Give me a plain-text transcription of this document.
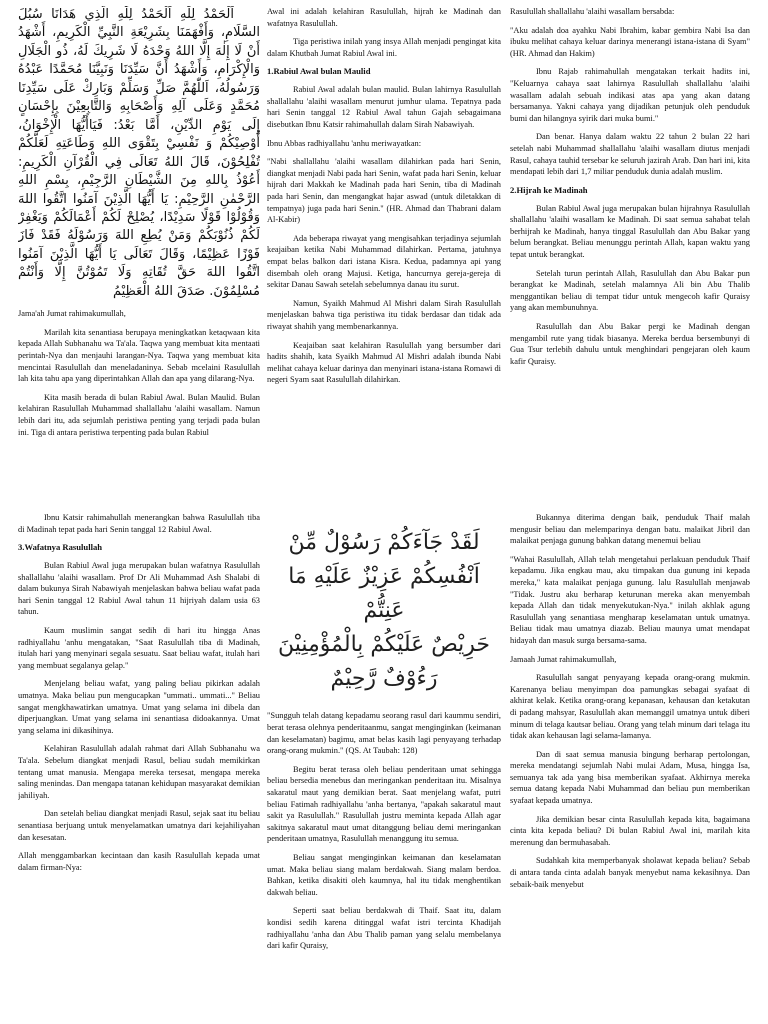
اَلْحَمْدُ لِلّٰهِ اَلْحَمْدُ لِلّٰهِ الَّذِي هَدَانَا سُبُلَ السَّلَامِ، وَأَفْهَمَنَا بِشَرِيْعَةِ النَّبِيِّ الْكَرِيمِ، أَشْهَدُ أَنْ لَا إِلٰهَ إِلَّا اللهُ وَحْدَهُ لَا شَرِيكَ لَهُ، ذُو الْجَلَالِ وَالْإِكْرَامِ، وَأَشْهَدُ أَنَّ سَيِّدَنَا وَنَبِيَّنَا مُحَمَّدًا عَبْدُهُ وَرَسُولُهُ، اَللّٰهُمَّ صَلِّ وَسَلِّمْ وَبَارِكْ عَلَى سَيِّدِنَا مُحَمَّدٍ وَعَلَى آلِهِ وَأَصْحَابِهِ وَالتَّابِعِيْنَ بِإِحْسَانٍ إِلَى يَوْمِ الدِّيْنِ، أَمَّا بَعْدُ: فَيَاأَيُّهَا الْإِخْوَانُ، أُوْصِيْكُمْ وَ نَفْسِيْ بِتَقْوَى اللهِ وَطَاعَتِهِ لَعَلَّكُمْ تُفْلِحُوْنَ، قَالَ اللهُ تَعَالَى فِي الْقُرْآنِ الْكَرِيمِ: أَعُوْذُ بِاللهِ مِنَ الشَّيْطَانِ الرَّجِيْمِ، بِسْمِ اللهِ الرَّحْمٰنِ الرَّحِيْمِ: يَا أَيُّهَا الَّذِيْنَ آمَنُوا اتَّقُوا اللهَ وَقُوْلُوْا قَوْلًا سَدِيْدًا، يُصْلِحْ لَكُمْ أَعْمَالَكُمْ وَيَغْفِرْ لَكُمْ ذُنُوْبَكُمْ وَمَنْ يُطِعِ اللهَ وَرَسُوْلَهُ فَقَدْ فَازَ فَوْزًا عَظِيْمًا، وَقَالَ تَعَالَى يَا أَيُّهَا الَّذِيْنَ آمَنُوا اتَّقُوا اللهَ حَقَّ تُقَاتِهِ وَلَا تَمُوْتُنَّ إِلَّا وَأَنْتُمْ مُسْلِمُوْنَ. صَدَقَ اللهُ الْعَظِيْمُ

Jama'ah Jumat rahimakumullah,

Marilah kita senantiasa berupaya meningkatkan ketaqwaan kita kepada Allah Subhanahu wa Ta'ala. Taqwa yang membuat kita mentaati perintah-Nya dan menjauhi larangan-Nya. Taqwa yang membuat kita mencintai Rasulullah dan meneladaninya. Sebab mcelaini Rasulullah lah kita tahu apa yang diperintahkan Allah dan apa yang dilarang-Nya.

Kita masih berada di bulan Rabiul Awal. Bulan Maulid. Bulan kelahiran Rasulullah Muhammad shallallahu 'alaihi wasallam. Namun lebih dari itu, ada sejumlah peristiwa penting yang terjadi pada bulan ini. Tiga di antara peristiwa terpenting pada bulan Rabiul

Awal ini adalah kelahiran Rasulullah, hijrah ke Madinah dan wafatnya Rasulullah.

Tiga peristiwa inilah yang insya Allah menjadi pengingat kita dalam Khutbah Jumat Rabiul Awal ini.

1.Rabiul Awal bulan Maulid

Rabiul Awal adalah bulan maulid. Bulan lahirnya Rasulullah shallallahu 'alaihi wasallam menurut jumhur ulama. Tepatnya pada hari Senin tanggal 12 Rabiul Awal tahun Gajah sebagaimana disebutkan Ibnu Katsir rahimahullah dalam Sirah Nabawiyah.

Ibnu Abbas radhiyallahu 'anhu meriwayatkan:

"Nabi shallallahu 'alaihi wasallam dilahirkan pada hari Senin, diangkat menjadi Nabi pada hari Senin, wafat pada hari Senin, keluar hijrah dari Makkah ke Madinah pada hari Senin, tiba di Madinah pada hari Senin, dan mengangkat hajar aswad (untuk diletakkan di tempatnya) juga pada hari Senin." (HR. Ahmad dan Thabrani dalam Al-Kabir)

Ada beberapa riwayat yang mengisahkan terjadinya sejumlah keajaiban ketika Nabi Muhammad dilahirkan. Pertama, jatuhnya empat belas balkon dari istana Kisra. Kedua, padamnya api yang disembah oleh orang Majusi. Ketiga, hancurnya gereja-gereja di sekitar Danau Sawah setelah sebelumnya danau itu surut.

Namun, Syaikh Mahmud Al Mishri dalam Sirah Rasulullah menjelaskan bahwa tiga peristiwa itu tidak berdasar dan tidak ada riwayat shahih yang membenarkannya.

Keajaiban saat kelahiran Rasulullah yang bersumber dari hadits shahih, kata Syaikh Mahmud Al Mishri adalah ibunda Nabi melihat cahaya keluar darinya dan menyinari istana-istana Romawi di negeri Syam saat Rasulullah dilahirkan.

Rasulullah shallallahu 'alaihi wasallam bersabda:

"Aku adalah doa ayahku Nabi Ibrahim, kabar gembira Nabi Isa dan ibuku melihat cahaya keluar darinya menerangi istana-istana di Syam" (HR. Ahmad dan Hakim)

Ibnu Rajab rahimahullah mengatakan terkait hadits ini, "Keluarnya cahaya saat lahirnya Rasulullah shallallahu 'alaihi wasallam adalah sebuah indikasi atas apa yang akan datang bersamanya. Yakni cahaya yang dijadikan petunjuk oleh penduduk bumi dan hilangnya syirik dari muka bumi."

Dan benar. Hanya dalam waktu 22 tahun 2 bulan 22 hari setelah nabi Muhammad shallallahu 'alaihi wasallam diutus menjadi Rasul, cahaya tauhid tersebar ke seluruh jazirah Arab. Dan hari ini, kita mendapati lebih dari 1,7 miliar penduduk dunia adalah muslim.

2.Hijrah ke Madinah

Bulan Rabiul Awal juga merupakan bulan hijrahnya Rasulullah shallallahu 'alaihi wasallam ke Madinah. Di saat semua sahabat telah berhijrah ke Madinah, hanya tinggal Rasulullah dan Abu Bakar yang belum berangkat. Beliau menunggu perintah Allah, kapan waktu yang tepat untuk berangkat.

Setelah turun perintah Allah, Rasulullah dan Abu Bakar pun berangkat ke Madinah, setelah malamnya Ali bin Abu Thalib menggantikan beliau di tempat tidur untuk mengecoh kafir Quraisy yang akan membunuhnya.

Rasulullah dan Abu Bakar pergi ke Madinah dengan mengambil rute yang tidak biasanya. Mereka berdua bersembunyi di Gua Tsur terlebih dahulu untuk menghindari pengejaran oleh kaum kafir Quraisy.

Ibnu Katsir rahimahullah menerangkan bahwa Rasulullah tiba di Madinah tepat pada hari Senin tanggal 12 Rabiul Awal.

3.Wafatnya Rasulullah

Bulan Rabiul Awal juga merupakan bulan wafatnya Rasulullah shallallahu 'alaihi wasallam. Prof Dr Ali Muhammad Ash Shalabi di dalam bukunya Sirah Nabawiyah menjelaskan bahwa beliau wafat pada hari Senin tanggal 12 Rabiul Awal tahun 11 hijriyah dalam usia 63 tahun.

Kaum muslimin sangat sedih di hari itu hingga Anas radhiyallahu 'anhu mengatakan, "Saat Rasulullah tiba di Madinah, itulah hari yang menyinari segala sesuatu. Saat beliau wafat, itulah hari yang membuat segalanya gelap."

Menjelang beliau wafat, yang paling beliau pikirkan adalah umatnya. Maka beliau pun mengucapkan "ummati.. ummati..." Beliau sangat mengkhawatirkan umatnya. Umat yang selama ini dibela dan diperjuangkan. Umat yang selama ini senantiasa didoakannya. Umat yang selama ini dikasihinya.

Kelahiran Rasulullah adalah rahmat dari Allah Subhanahu wa Ta'ala. Sebelum diangkat menjadi Rasul, beliau sudah memikirkan tentang umat manusia. Mengapa mereka tersesat, mengapa mereka saling menindas. Dan mengapa tatanan kehidupan masyarakat demikian jahiliyah.

Dan setelah beliau diangkat menjadi Rasul, sejak saat itu beliau senantiasa berjuang untuk menyelamatkan umatnya dari kejahiliyahan dan kesesatan.

Allah menggambarkan kecintaan dan kasih Rasulullah kepada umat dalam firman-Nya:

لَقَدْ جَآءَكُمْ رَسُوْلٌ مِّنْ
اَنْفُسِكُمْ عَزِيْزٌ عَلَيْهِ مَا عَنِتُّمْ
حَرِيْصٌ عَلَيْكُمْ بِالْمُؤْمِنِيْنَ
رَءُوْفٌ رَّحِيْمٌ

"Sungguh telah datang kepadamu seorang rasul dari kaummu sendiri, berat terasa olehnya penderitaanmu, sangat menginginkan (keimanan dan keselamatan) bagimu, amat belas kasih lagi penyayang terhadap orang-orang mukmin." (QS. At Taubah: 128)

Begitu berat terasa oleh beliau penderitaan umat sehingga beliau bersedia menebus dan meringankan penderitaan itu. Misalnya sakaratul maut yang demikian berat. Saat menjelang wafat, putri beliau Fatimah radhiyallahu 'anha bertanya, "apakah sakaratul maut sakit ya Rasulullah." Rasulullah justru meminta kepada Allah agar sakitnya sakaratul maut umat ditanggung beliau demi meringankan penderitaan umatnya, Rasulullah menanggung itu semua.

Beliau sangat menginginkan keimanan dan keselamatan umat. Maka beliau siang malam berdakwah. Siang malam berdoa. Bahkan, ketika disakiti oleh kaumnya, hal itu tidak menghentikan dakwah beliau.

Seperti saat beliau berdakwah di Thaif. Saat itu, dalam kondisi sedih karena ditinggal wafat istri tercinta Khadijah radhiyallahu 'anha dan Abu Thalib paman yang selalu membelanya dari kafir Quraisy,

Bukannya diterima dengan baik, penduduk Thaif malah mengusir beliau dan melemparinya dengan batu. malaikat Jibril dan malaikat penjaga gunung bahkan datang menemui beliau

"Wahai Rasulullah, Allah telah mengetahui perlakuan penduduk Thaif kepadamu. Jika engkau mau, aku timpakan dua gunung ini kepada mereka," kata malaikat penjaga gunung. lalu Rasulullah menjawab "Tidak. Justru aku berharap keturunan mereka akan menyembah kepada Allah dan tidak menyekutukan-Nya." inilah akhlak agung Rasulullah yang senantiasa mengharap keselamatan untuk umatnya. Beliau tidak mau umatnya diazab. Beliau maunya umat mendapat hidayah dan masuk surga bersama-sama.

Jamaah Jumat rahimakumullah,

Rasulullah sangat penyayang kepada orang-orang mukmin. Karenanya beliau menyimpan doa pamungkas sebagai syafaat di akhirat kelak. Ketika orang-orang kepanasan, kehausan dan ketakutan di padang mahsyar, Rasulullah akan memanggil umatnya untuk diberi minum di telaga kautsar beliau. Orang yang telah minum dari telaga itu tidak akan kehausan lagi selama-lamanya.

Dan di saat semua manusia bingung berharap pertolongan, mereka mendatangi sejumlah Nabi mulai Adam, Musa, hingga Isa, semuanya tak ada yang bisa memberikan syafaat. Akhirnya mereka semua datang kepada Nabi Muhammad dan beliau pun memberikan syafaat kepada umatnya.

Jika demikian besar cinta Rasulullah kepada kita, bagaimana cinta kita kepada beliau? Di bulan Rabiul Awal ini, marilah kita merenung dan bermuhasabah.

Sudahkah kita memperbanyak sholawat kepada beliau? Sebab di antara tanda cinta adalah banyak menyebut nama kekasihnya. Dan sebaik-baik menyebut
